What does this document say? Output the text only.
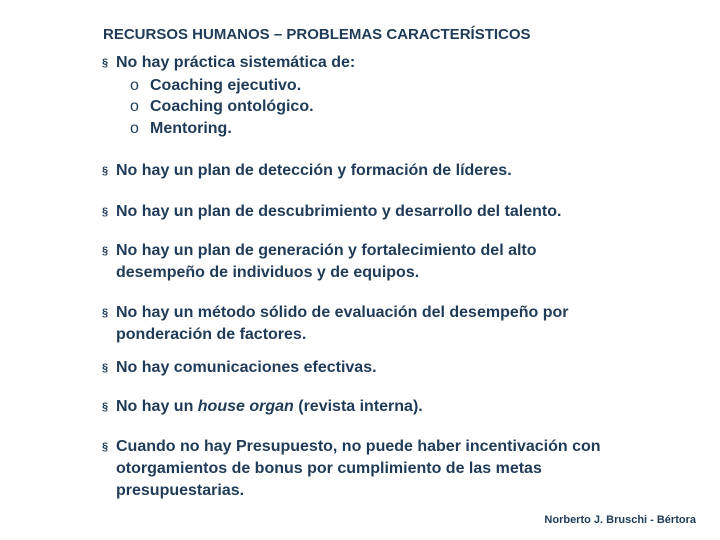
RECURSOS HUMANOS – PROBLEMAS CARACTERÍSTICOS
§ No hay práctica sistemática de:
o Coaching ejecutivo.
o Coaching ontológico.
o Mentoring.
§ No hay un plan de detección y formación de líderes.
§ No hay un plan de descubrimiento y desarrollo del talento.
§ No hay un plan de generación y fortalecimiento del alto desempeño de individuos y de equipos.
§ No hay un método sólido de evaluación del desempeño por ponderación de factores.
§ No hay comunicaciones efectivas.
§ No hay un house organ (revista interna).
§ Cuando no hay Presupuesto, no puede haber incentivación con otorgamientos de bonus por cumplimiento de las metas presupuestarias.
Norberto J. Bruschi - Bértora
